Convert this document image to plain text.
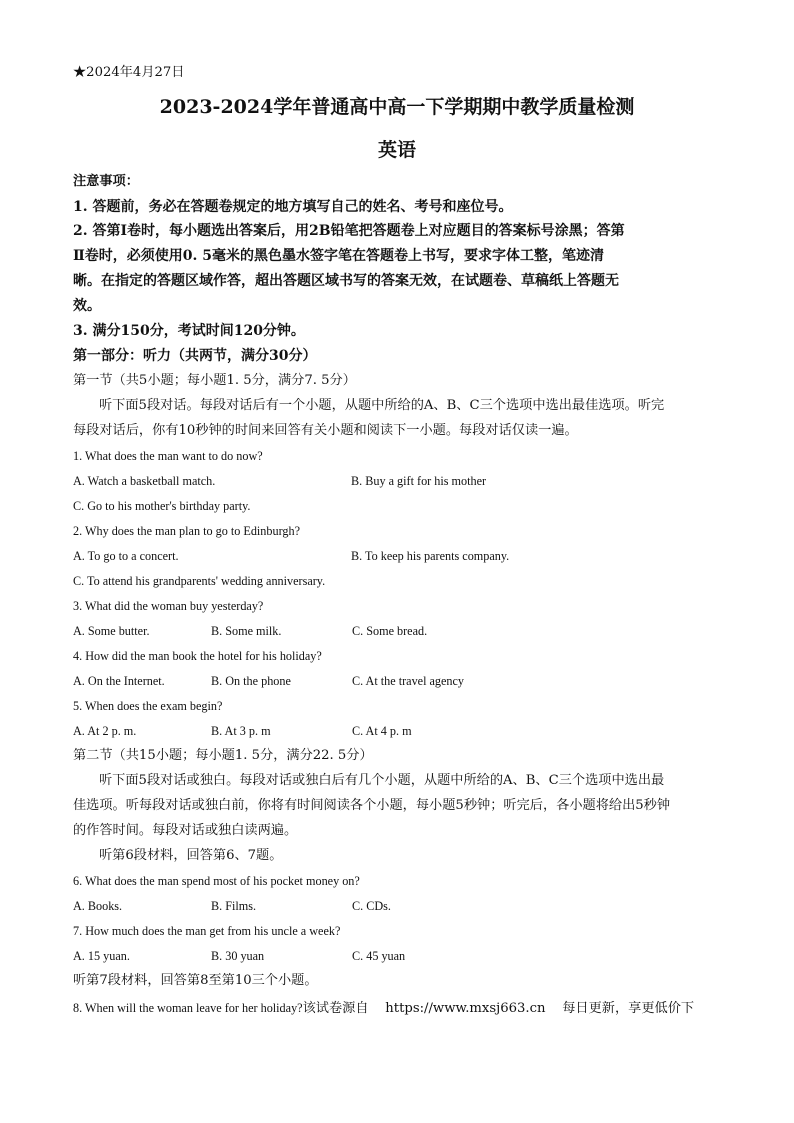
★2024年4月27日
2023-2024学年普通高中高一下学期期中教学质量检测
英语
注意事项：
1. 答题前，务必在答题卷规定的地方填写自己的姓名、考号和座位号。
2. 答第Ⅰ卷时，每小题选出答案后，用2B铅笔把答题卷上对应题目的答案标号涂黑；答第
Ⅱ卷时，必须使用0. 5毫米的黑色墨水签字笔在答题卷上书写，要求字体工整，笔迹清
晰。在指定的答题区域作答，超出答题区域书写的答案无效，在试题卷、草稿纸上答题无
效。
3. 满分150分，考试时间120分钟。
第一部分：听力（共两节，满分30分）
第一节（共5小题；每小题1. 5分，满分7. 5分）
听下面5段对话。每段对话后有一个小题，从题中所给的A、B、C三个选项中选出最佳选项。听完
每段对话后，你有10秒钟的时间来回答有关小题和阅读下一小题。每段对话仅读一遍。
1. What does the man want to do now?
A. Watch a basketball match.	B. Buy a gift for his mother
C. Go to his mother's birthday party.
2. Why does the man plan to go to Edinburgh?
A. To go to a concert.	B. To keep his parents company.
C. To attend his grandparents' wedding anniversary.
3. What did the woman buy yesterday?
A. Some butter.	B. Some milk.	C. Some bread.
4. How did the man book the hotel for his holiday?
A. On the Internet.	B. On the phone	C. At the travel agency
5. When does the exam begin?
A. At 2 p. m.	B. At 3 p. m	C. At 4 p. m
第二节（共15小题；每小题1. 5分，满分22. 5分）
听下面5段对话或独白。每段对话或独白后有几个小题，从题中所给的A、B、C三个选项中选出最
佳选项。听每段对话或独白前，你将有时间阅读各个小题，每小题5秒钟；听完后，各小题将给出5秒钟
的作答时间。每段对话或独白读两遍。
听第6段材料，回答第6、7题。
6. What does the man spend most of his pocket money on?
A. Books.	B. Films.	C. CDs.
7. How much does the man get from his uncle a week?
A. 15 yuan.	B. 30 yuan	C. 45 yuan
听第7段材料，回答第8至第10三个小题。
8. When will the woman leave for her holiday?该试卷源自    https://www.mxsj663.cn    每日更新，享更低价下
